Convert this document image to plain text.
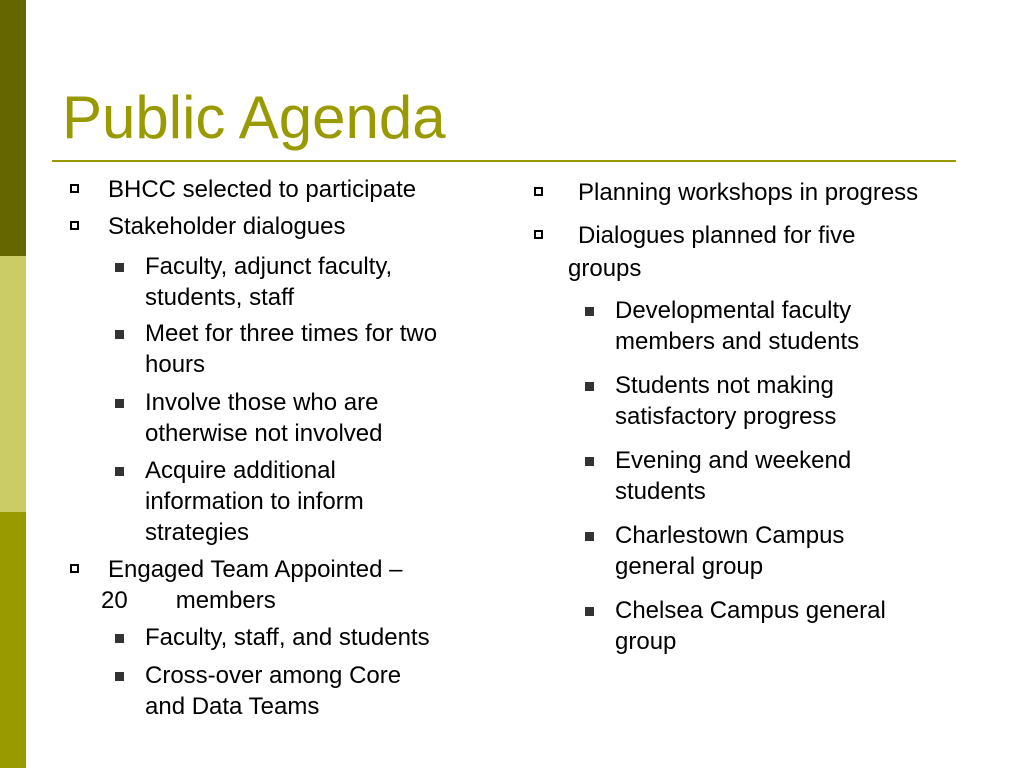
Public Agenda
BHCC selected to participate
Stakeholder dialogues
Faculty, adjunct faculty,
students, staff
Meet for three times for two
hours
Involve those who are
otherwise not involved
Acquire additional
information to inform
strategies
Engaged Team Appointed –
20 members
Faculty, staff, and students
Cross-over among Core
and Data Teams
Planning workshops in progress
Dialogues planned for five
groups
Developmental faculty
members and students
Students not making
satisfactory progress
Evening and weekend
students
Charlestown Campus
general group
Chelsea Campus general
group
